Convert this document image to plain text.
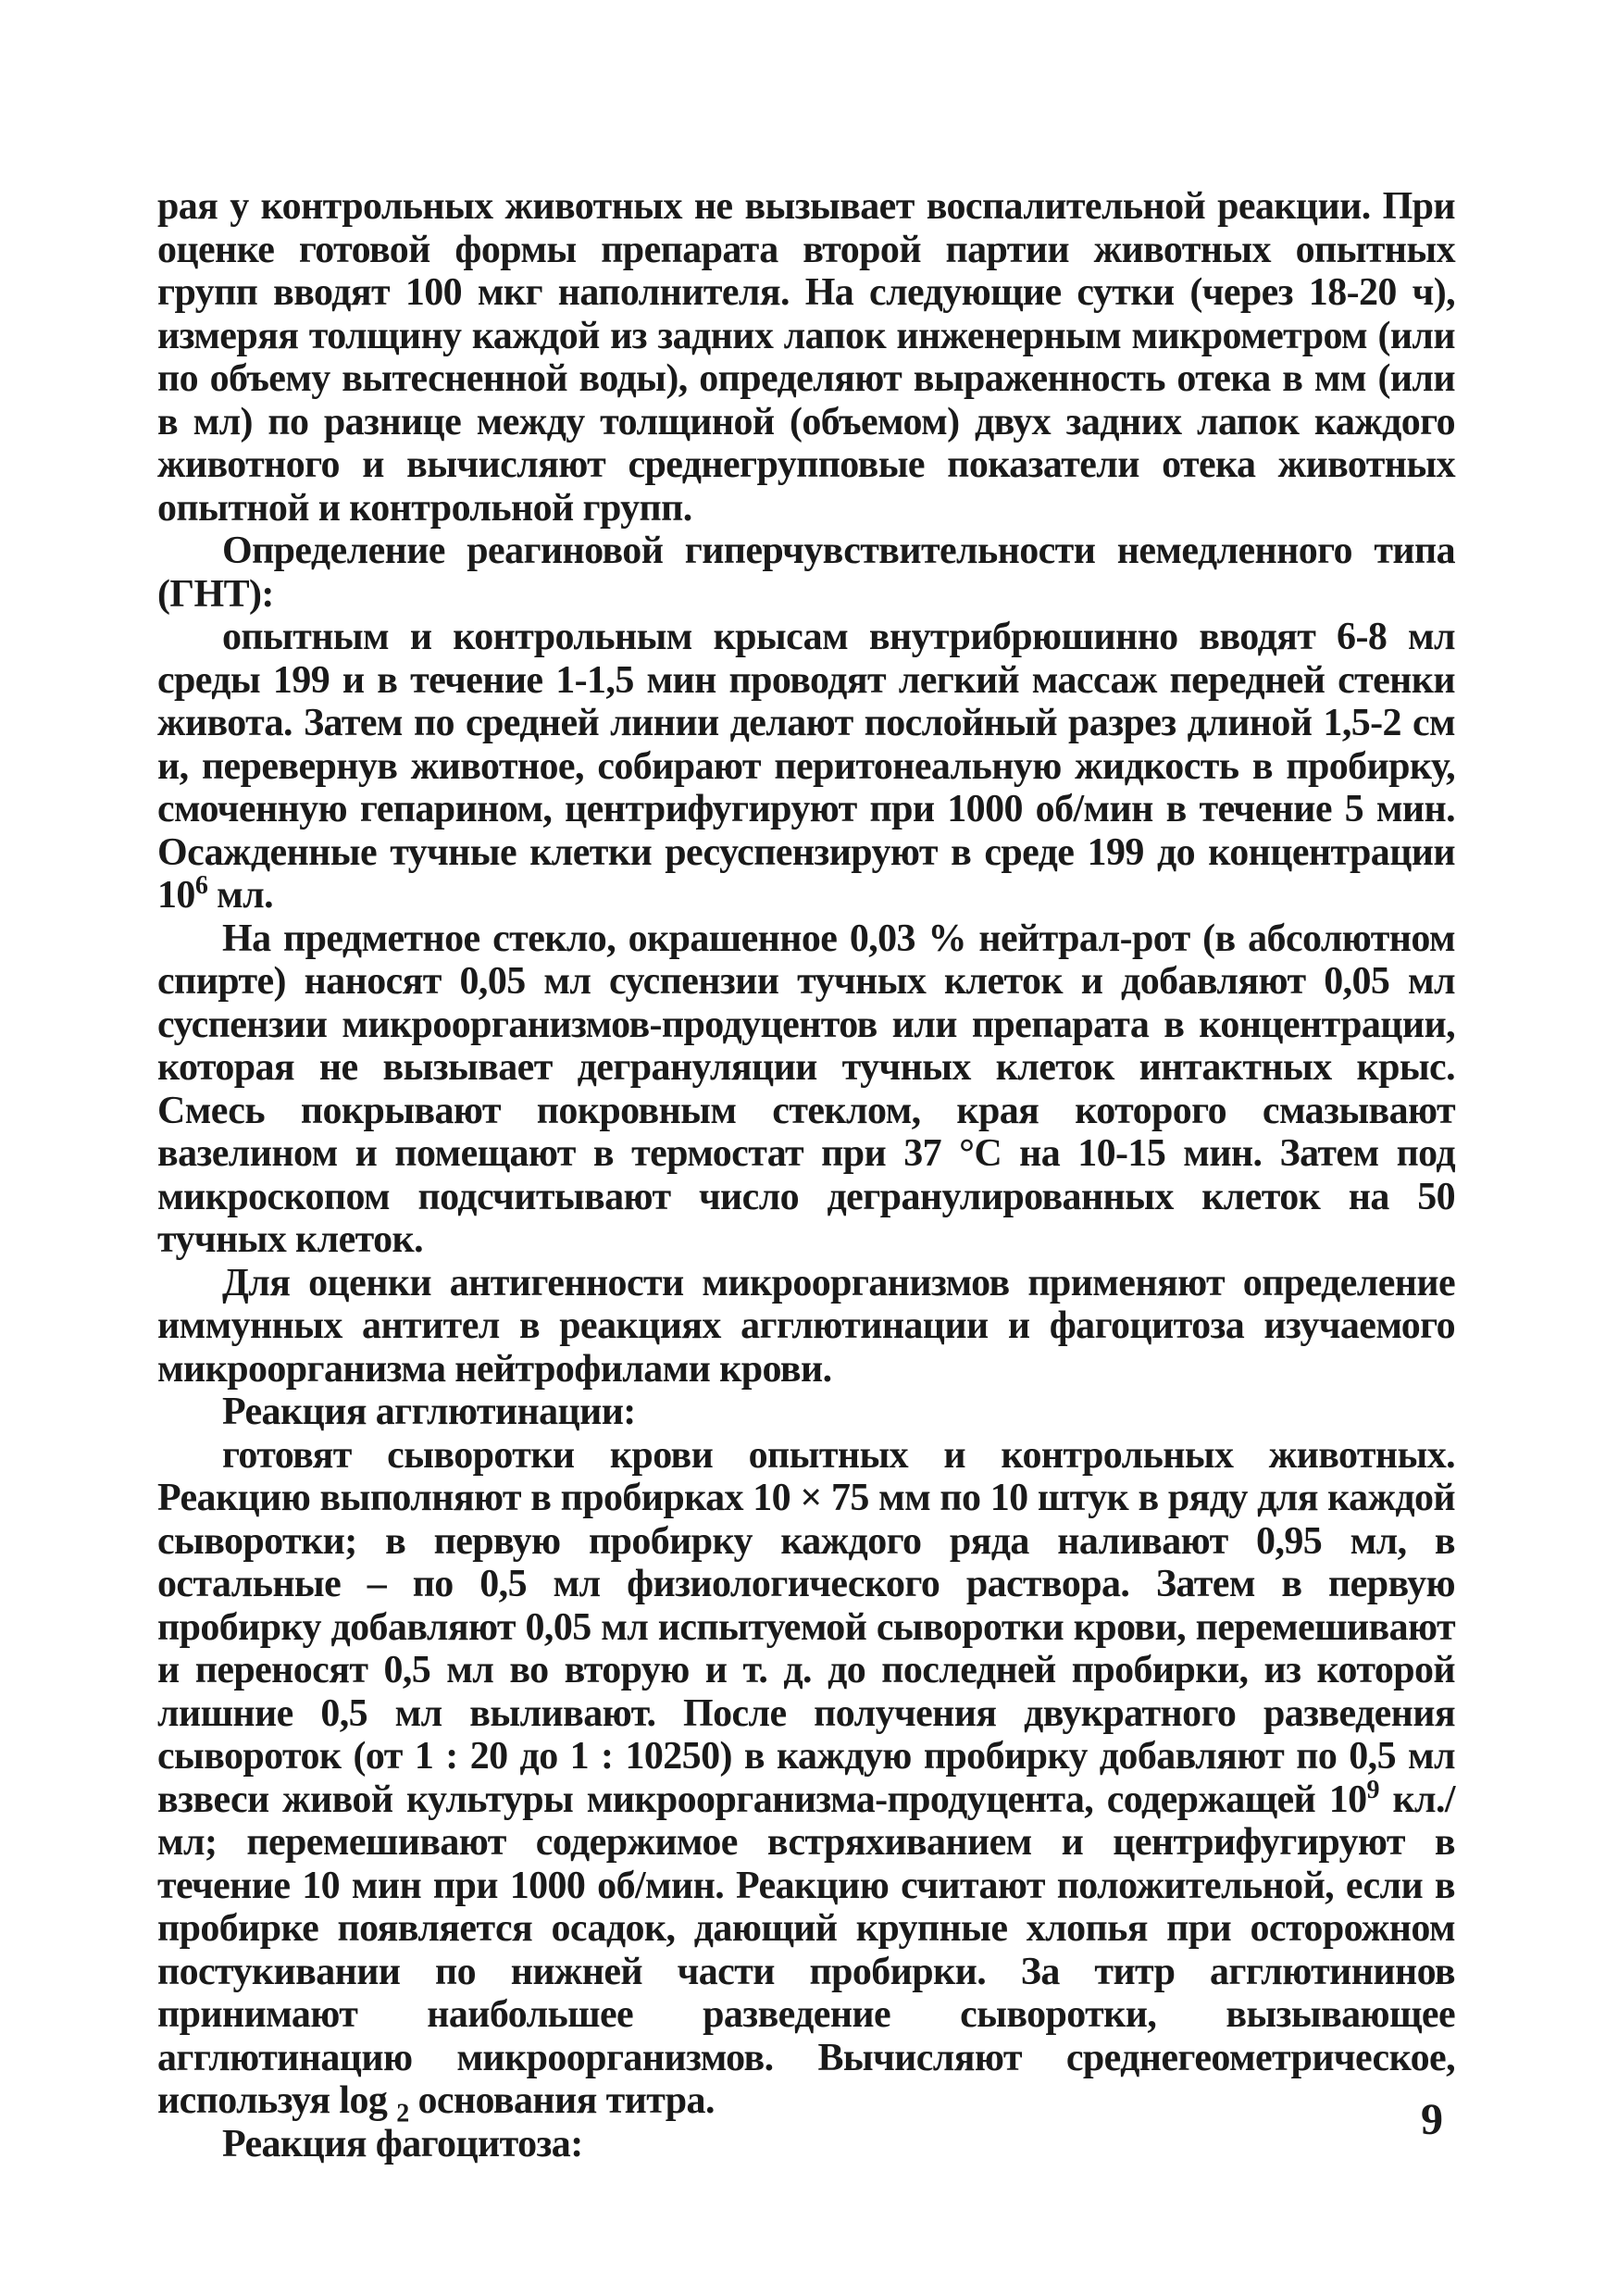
рая у контрольных животных не вызывает воспалительной реакции. При оценке готовой формы препарата второй партии животных опытных групп вводят 100 мкг наполнителя. На следующие сутки (через 18-20 ч), измеряя толщину каждой из задних лапок инженерным микрометром (или по объему вытесненной воды), определяют выраженность отека в мм (или в мл) по разнице между толщиной (объемом) двух задних лапок каждого животного и вычисляют среднегрупповые показатели отека животных опытной и контрольной групп.

Определение реагиновой гиперчувствительности немедленного типа (ГНТ):

опытным и контрольным крысам внутрибрюшинно вводят 6-8 мл среды 199 и в течение 1-1,5 мин проводят легкий массаж передней стенки живота. Затем по средней линии делают послойный разрез длиной 1,5-2 см и, перевернув животное, собирают перитонеальную жидкость в пробирку, смоченную гепарином, центрифугируют при 1000 об/мин в течение 5 мин. Осажденные тучные клетки ресуспензируют в среде 199 до концентрации $10^6$ мл.

На предметное стекло, окрашенное 0,03 % нейтрал-рот (в абсолютном спирте) наносят 0,05 мл суспензии тучных клеток и добавляют 0,05 мл суспензии микроорганизмов-продуцентов или препарата в концентрации, которая не вызывает дегрануляции тучных клеток интактных крыс. Смесь покрывают покровным стеклом, края которого смазывают вазелином и помещают в термостат при 37 °С на 10-15 мин. Затем под микроскопом подсчитывают число дегранулированных клеток на 50 тучных клеток.

Для оценки антигенности микроорганизмов применяют определение иммунных антител в реакциях агглютинации и фагоцитоза изучаемого микроорганизма нейтрофилами крови.

Реакция агглютинации:

готовят сыворотки крови опытных и контрольных животных. Реакцию выполняют в пробирках 10 × 75 мм по 10 штук в ряду для каждой сыворотки; в первую пробирку каждого ряда наливают 0,95 мл, в остальные – по 0,5 мл физиологического раствора. Затем в первую пробирку добавляют 0,05 мл испытуемой сыворотки крови, перемешивают и переносят 0,5 мл во вторую и т. д. до последней пробирки, из которой лишние 0,5 мл выливают. После получения двукратного разведения сывороток (от 1 : 20 до 1 : 10250) в каждую пробирку добавляют по 0,5 мл взвеси живой культуры микроорганизма-продуцента, содержащей $10^9$ кл./мл; перемешивают содержимое встряхиванием и центрифугируют в течение 10 мин при 1000 об/мин. Реакцию считают положительной, если в пробирке появляется осадок, дающий крупные хлопья при осторожном постукивании по нижней части пробирки. За титр агглютининов принимают наибольшее разведение сыворотки, вызывающее агглютинацию микроорганизмов. Вычисляют среднегеометрическое, используя log $_2$ основания титра.

Реакция фагоцитоза:	9
